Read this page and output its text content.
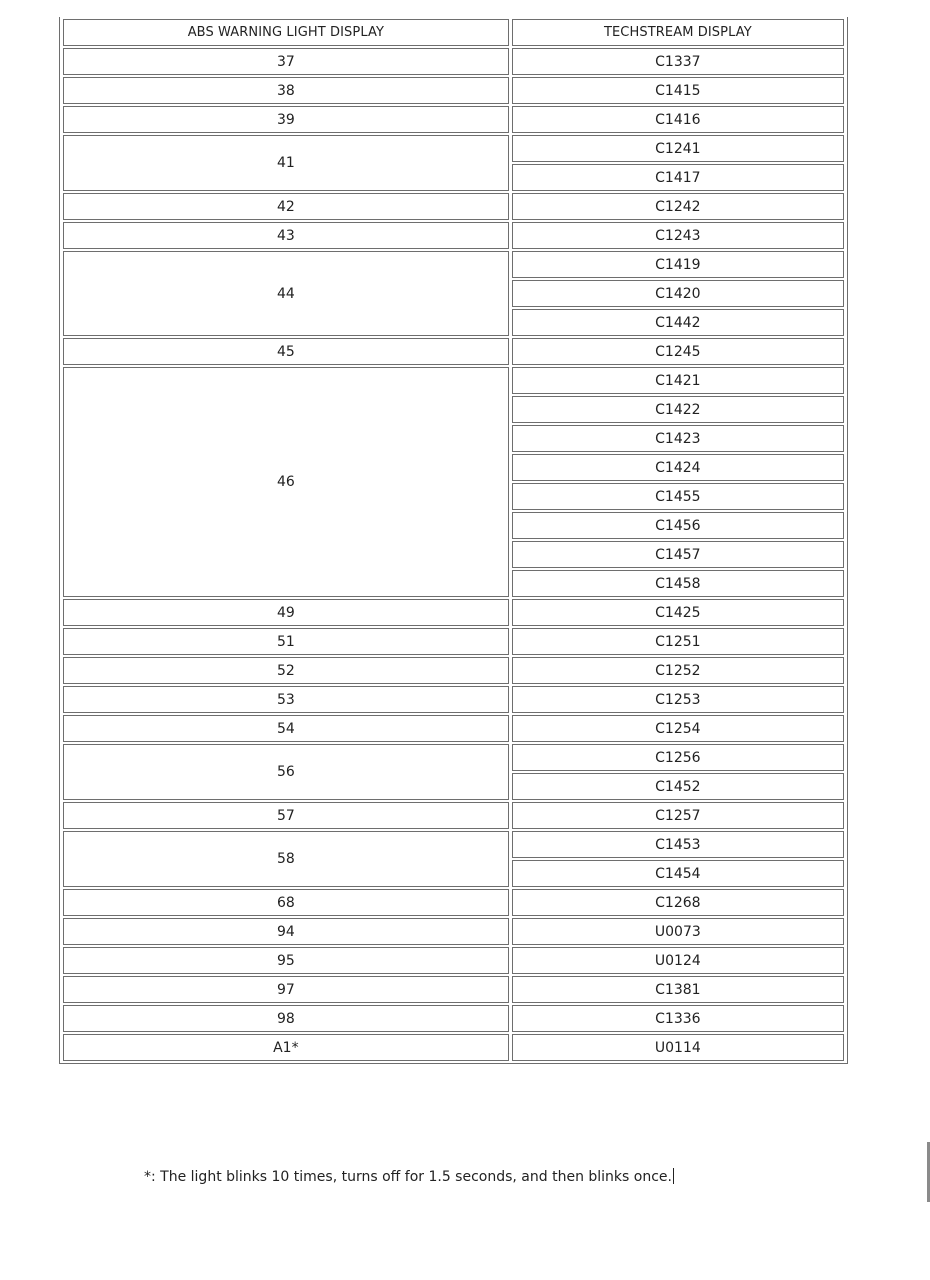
ABS WARNING LIGHT DISPLAY	TECHSTREAM DISPLAY
37	C1337
38	C1415
39	C1416
41	C1241
	C1417
42	C1242
43	C1243
44	C1419
	C1420
	C1442
45	C1245
46	C1421
	C1422
	C1423
	C1424
	C1455
	C1456
	C1457
	C1458
49	C1425
51	C1251
52	C1252
53	C1253
54	C1254
56	C1256
	C1452
57	C1257
58	C1453
	C1454
68	C1268
94	U0073
95	U0124
97	C1381
98	C1336
A1*	U0114
*: The light blinks 10 times, turns off for 1.5 seconds, and then blinks once.
